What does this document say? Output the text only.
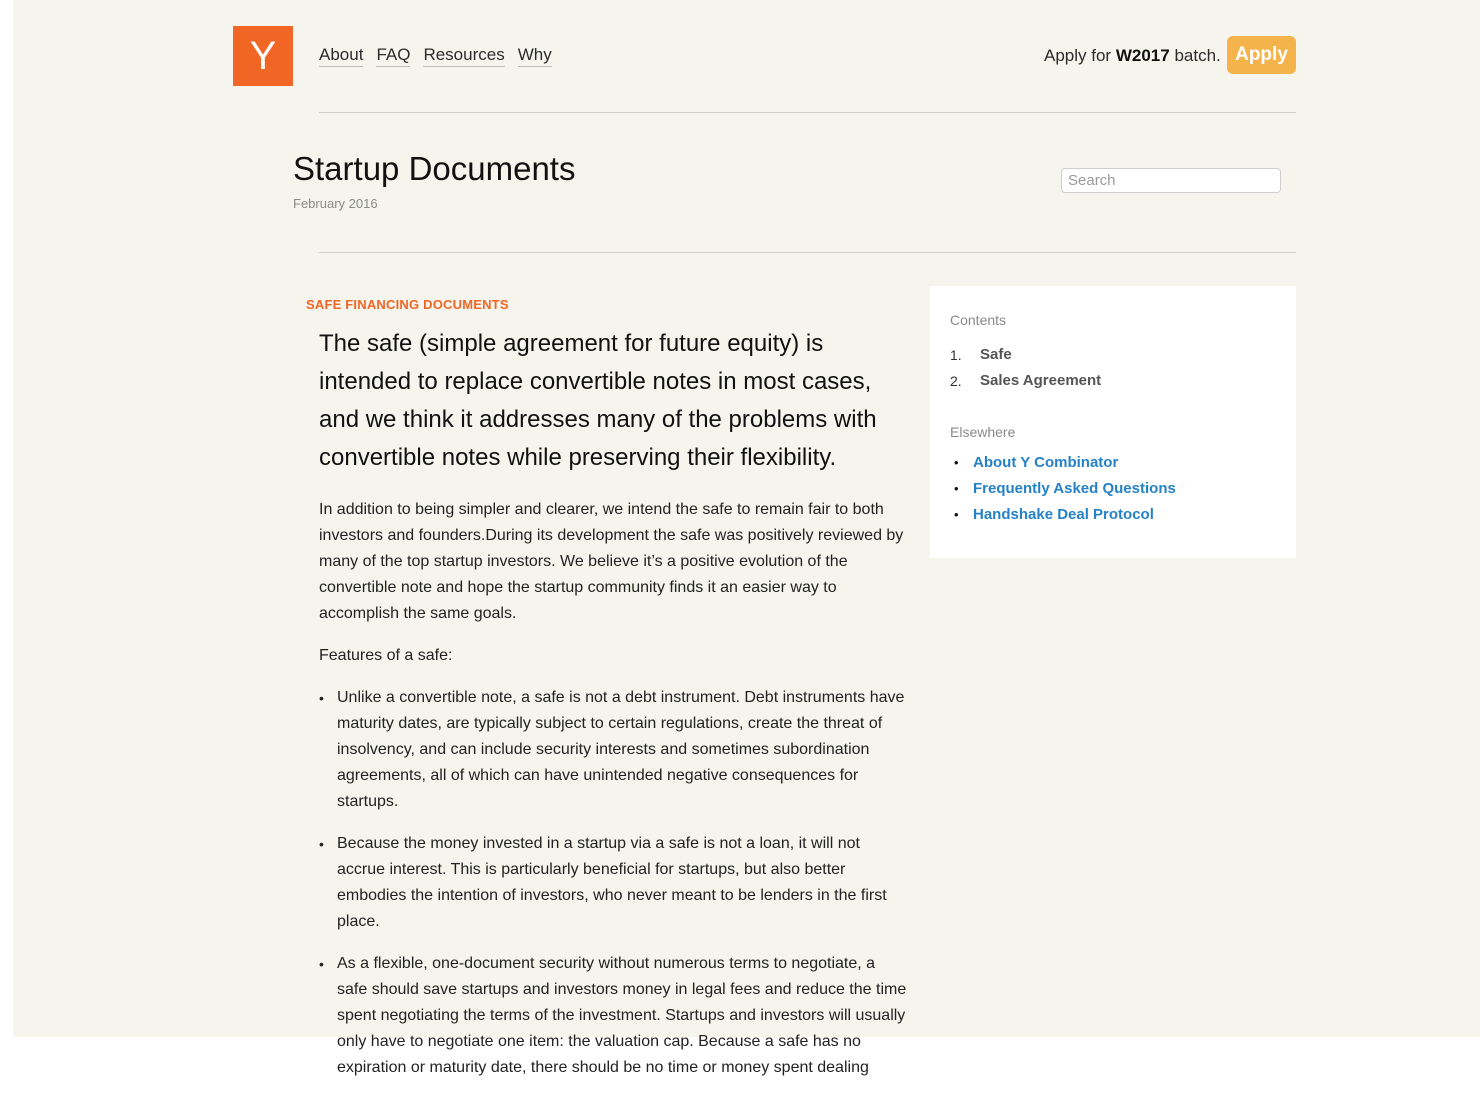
Y	About FAQ Resources Why	Apply for W2017 batch. Apply
Startup Documents
February 2016
Search
SAFE FINANCING DOCUMENTS

The safe (simple agreement for future equity) is intended to replace convertible notes in most cases, and we think it addresses many of the problems with convertible notes while preserving their flexibility.

In addition to being simpler and clearer, we intend the safe to remain fair to both investors and founders.During its development the safe was positively reviewed by many of the top startup investors. We believe it’s a positive evolution of the convertible note and hope the startup community finds it an easier way to accomplish the same goals.

Features of a safe:

• Unlike a convertible note, a safe is not a debt instrument. Debt instruments have maturity dates, are typically subject to certain regulations, create the threat of insolvency, and can include security interests and sometimes subordination agreements, all of which can have unintended negative consequences for startups.
• Because the money invested in a startup via a safe is not a loan, it will not accrue interest. This is particularly beneficial for startups, but also better embodies the intention of investors, who never meant to be lenders in the first place.
• As a flexible, one-document security without numerous terms to negotiate, a safe should save startups and investors money in legal fees and reduce the time spent negotiating the terms of the investment. Startups and investors will usually only have to negotiate one item: the valuation cap. Because a safe has no expiration or maturity date, there should be no time or money spent dealing

Contents

1.	Safe
2.	Sales Agreement

Elsewhere

• About Y Combinator
• Frequently Asked Questions
• Handshake Deal Protocol
